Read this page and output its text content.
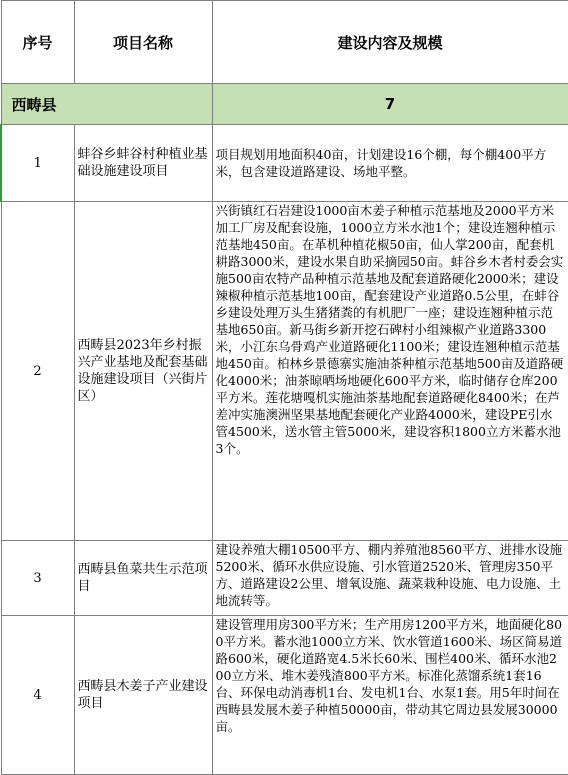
序号	项目名称	建设内容及规模
西畴县		7
1	蚌谷乡蚌谷村种植业基础设施建设项目	项目规划用地面积40亩，计划建设16个棚，每个棚400平方米，包含建设道路建设、场地平整。
2	西畴县2023年乡村振兴产业基地及配套基础设施建设项目（兴街片区）	兴街镇红石岩建设1000亩木姜子种植示范基地及2000平方米加工厂房及配套设施，1000立方米水池1个；建设连翘种植示范基地450亩。在革机种植花椒50亩，仙人掌200亩，配套机耕路3000米，建设水果自助采摘园50亩。蚌谷乡木者村委会实施500亩农特产品种植示范基地及配套道路硬化2000米；建设辣椒种植示范基地100亩，配套建设产业道路0.5公里，在蚌谷乡建设处理万头生猪猪粪的有机肥厂一座；建设连翘种植示范基地650亩。新马街乡新开挖石碑村小组辣椒产业道路3300米，小江东乌骨鸡产业道路硬化1100米；建设连翘种植示范基地450亩。柏林乡景德寨实施油茶种植示范基地500亩及道路硬化4000米；油茶晾晒场地硬化600平方米，临时储存仓库200平方米。莲花塘嘎机实施油茶基地配套道路硬化8400米；在芦差冲实施澳洲坚果基地配套硬化产业路4000米，建设PE引水管4500米，送水管主管5000米，建设容积1800立方米蓄水池3个。
3	西畴县鱼菜共生示范项目	建设养殖大棚10500平方、棚内养殖池8560平方、进排水设施5200米、循环水供应设施、引水管道2520米、管理房350平方、道路建设2公里、增氧设施、蔬菜栽种设施、电力设施、土地流转等。
4	西畴县木姜子产业建设项目	建设管理用房300平方米；生产用房1200平方米，地面硬化800平方米。蓄水池1000立方米、饮水管道1600米、场区简易道路600米，硬化道路宽4.5米长60米、围栏400米、循环水池200立方米、堆木姜残渣800平方米。标准化蒸馏系统1套16台、环保电动消毒机1台、发电机1台、水泵1套。用5年时间在西畴县发展木姜子种植50000亩，带动其它周边县发展30000亩。
